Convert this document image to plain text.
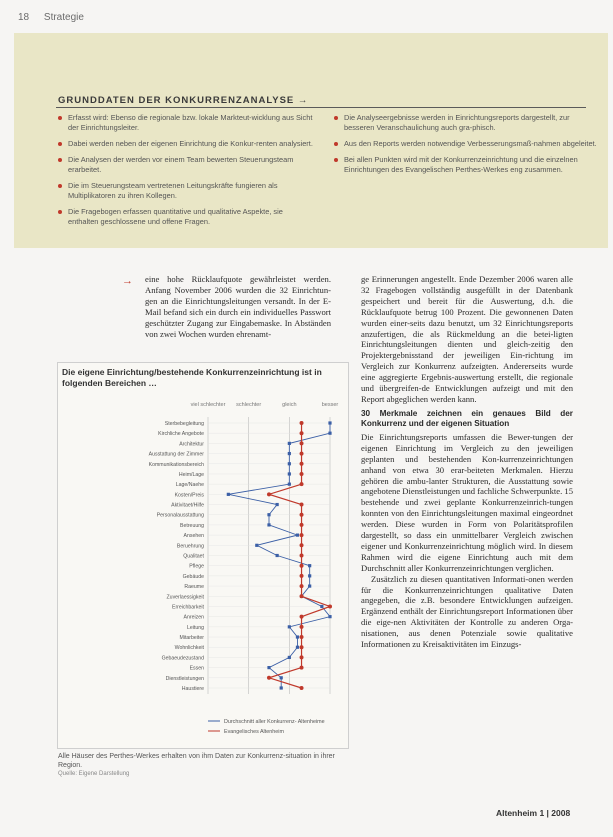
18 Strategie
GRUNDDATEN DER KONKURRENZANALYSE →
Erfasst wird: Ebenso die regionale bzw. lokale Markteut-wicklung aus Sicht der Einrichtungsleiter.
Dabei werden neben der eigenen Einrichtung die Konkur-renten analysiert.
Die Analysen der werden vor einem Team bewerten Steuerungsteam erarbeitet.
Die im Steuerungsteam vertretenen Leitungskräfte fungieren als Multiplikatoren zu ihren Kollegen.
Die Fragebogen erfassen quantitative und qualitative Aspekte, sie enthalten geschlossene und offene Fragen.
Die Analyseergebnisse werden in Einrichtungsreports dargestellt, zur besseren Veranschaulichung auch gra-phisch.
Aus den Reports werden notwendige Verbesserungsmaß-nahmen abgeleitet.
Bei allen Punkten wird mit der Konkurrenzeinrichtung und die einzelnen Einrichtungen des Evangelischen Perthes-Werkes eng zusammen.
→ eine hohe Rücklaufquote gewährleistet werden. Anfang November 2006 wurden die 32 Einrichtun-gen an die Einrichtungsleitungen versandt. In der E-Mail befand sich ein durch ein individuelles Passwort geschützter Zugang zur Eingabemaske. In Abständen von zwei Wochen wurden ehrenamt-
ge Erinnerungen angestellt. Ende Dezember 2006 waren alle 32 Fragebogen vollständig ausgefüllt in der Datenbank gespeichert und bereit für die Auswertung, d.h. die Rücklaufquote betrug 100 Prozent. Die gewonnenen Daten wurden einer-seits dazu benutzt, um 32 Einrichtungsreports anzufertigen, die als Rückmeldung an die betei-ligten Einrichtungsleitungen dienten und gleich-zeitig den Projektergebnisstand der jeweiligen Ein-richtung im Vergleich zur Konkurrenz aufzeigten. Andererseits wurde eine aggregierte Ergebnis-auswertung erstellt, die regionale und übergreifen-de Entwicklungen aufzeigt und mit den Report abgeglichen werden kann.
30 Merkmale zeichnen ein genaues Bild der Konkurrenz und der eigenen Situation
Die Einrichtungsreports umfassen die Bewer-tungen der eigenen Einrichtung im Vergleich zu den jeweiligen geplanten und bestehenden Kon-kurrenzeinrichtungen anhand von etwa 30 erar-beiteten Merkmalen. Hierzu gehören die ambu-lanter Strukturen, die Ausstattung sowie angebotene Dienstleistungen und fachliche Schwerpunkte. 15 bestehende und zwei geplante Konkurrenzeinrich-tungen konnten von den Einrichtungsleitungen maximal eingeordnet werden. Diese wurden in Form von Polaritätsprofilen dargestellt, so dass ein unmittelbarer Vergleich zwischen eigener und Konkurrenzeinrichtung möglich wird. In diesem Rahmen wird die eigene Einrichtung auch mit dem Durchschnitt aller Konkurrenzeinrichtungen verglichen.
Zusätzlich zu diesen quantitativen Informati-onen werden für die Konkurrenzeinrichtungen qualitative Daten angegeben, die z.B. besondere Entwicklungen aufzeigen. Ergänzend enthält der Einrichtungsreport Informationen über die eige-nen Aktivitäten der Kontrolle zu anderen Orga-nisationen, aus denen Potenziale sowie qualitative Informationen zu Kreisaktivitäten im Einzugs-

Die eigene Einrichtung/bestehende Konkurrenzeinrichtung ist in folgenden Bereichen …

viel schlechter schlechter	gleich	besser
Sterbebegleitung
Kirchliche Angebote
Architektur
Ausstattung der Zimmer
Kommunikationsbereich
Heim/Lage
Lage/Naehe
Kosten/Preis
Aktivitaet/Hilfe
Personalausstattung
Betreuung
Ansehen
Beruehrung
Qualitaet
Pflege
Gebäude
Raeume
Zuverlaessigkeit
Erreichbarkeit
Anreizen
Leitung
Mitarbeiter
Wohnlichkeit
Gebaeudezustand
Essen
Dienstleistungen
Haustiere
Durchschnitt aller Konkurrenz- Altenheime
Evangelisches Altenheim
Alle Häuser des Perthes-Werkes erhalten von ihm Daten zur Konkurrenz-situation in ihrer Region.
Quelle: Eigene Darstellung
Altenheim 1 | 2008
